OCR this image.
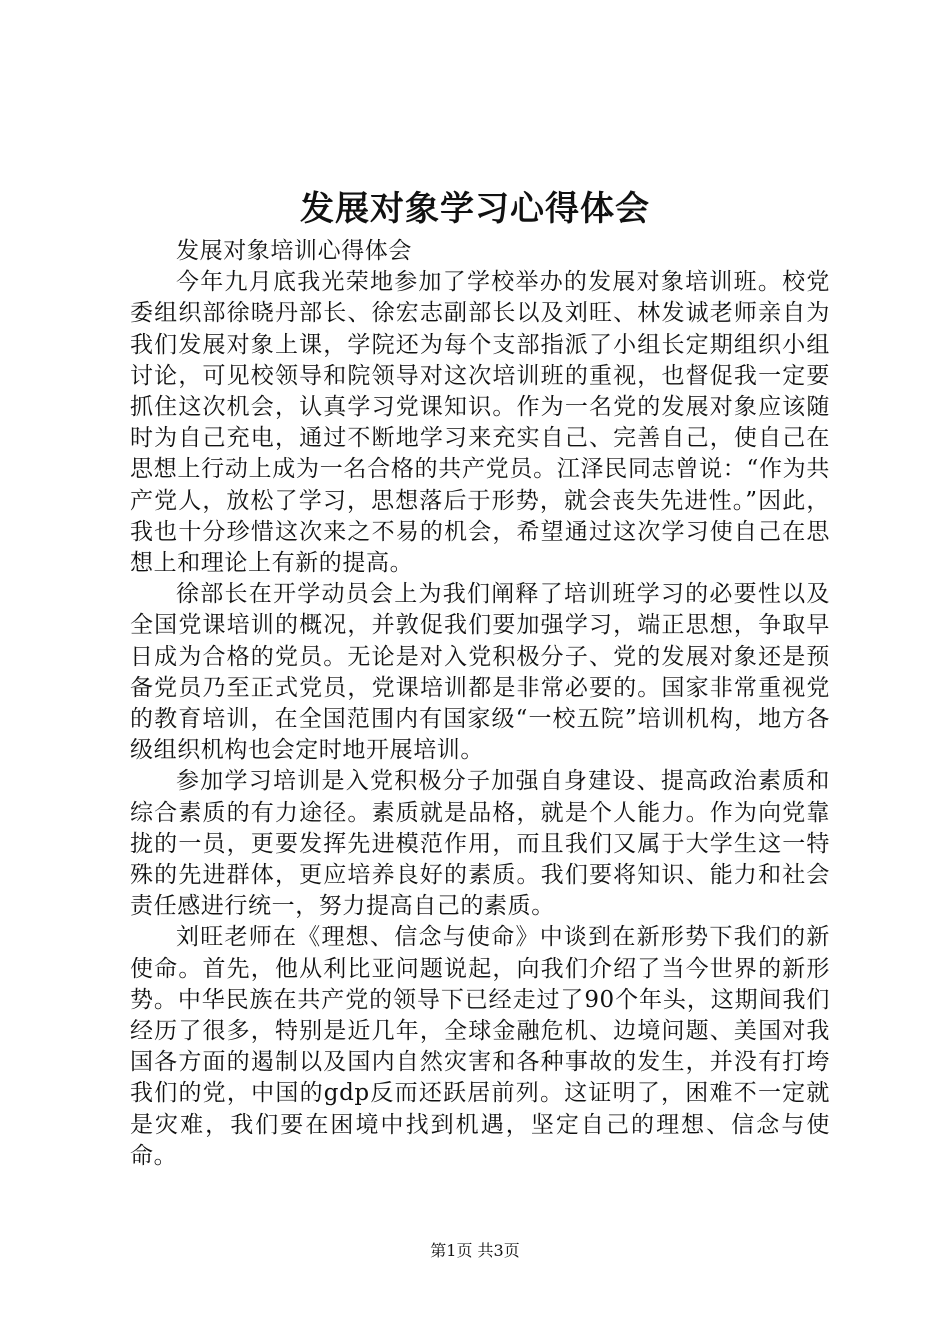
发展对象学习心得体会

发展对象培训心得体会

今年九月底我光荣地参加了学校举办的发展对象培训班。校党委组织部徐晓丹部长、徐宏志副部长以及刘旺、林发诚老师亲自为我们发展对象上课，学院还为每个支部指派了小组长定期组织小组讨论，可见校领导和院领导对这次培训班的重视，也督促我一定要抓住这次机会，认真学习党课知识。作为一名党的发展对象应该随时为自己充电，通过不断地学习来充实自己、完善自己，使自己在思想上行动上成为一名合格的共产党员。江泽民同志曾说：“作为共产党人，放松了学习，思想落后于形势，就会丧失先进性。”因此，我也十分珍惜这次来之不易的机会，希望通过这次学习使自己在思想上和理论上有新的提高。

徐部长在开学动员会上为我们阐释了培训班学习的必要性以及全国党课培训的概况，并敦促我们要加强学习，端正思想，争取早日成为合格的党员。无论是对入党积极分子、党的发展对象还是预备党员乃至正式党员，党课培训都是非常必要的。国家非常重视党的教育培训，在全国范围内有国家级“一校五院”培训机构，地方各级组织机构也会定时地开展培训。

参加学习培训是入党积极分子加强自身建设、提高政治素质和综合素质的有力途径。素质就是品格，就是个人能力。作为向党靠拢的一员，更要发挥先进模范作用，而且我们又属于大学生这一特殊的先进群体，更应培养良好的素质。我们要将知识、能力和社会责任感进行统一，努力提高自己的素质。

刘旺老师在《理想、信念与使命》中谈到在新形势下我们的新使命。首先，他从利比亚问题说起，向我们介绍了当今世界的新形势。中华民族在共产党的领导下已经走过了90个年头，这期间我们经历了很多，特别是近几年，全球金融危机、边境问题、美国对我国各方面的遏制以及国内自然灾害和各种事故的发生，并没有打垮我们的党，中国的gdp反而还跃居前列。这证明了，困难不一定就是灾难，我们要在困境中找到机遇，坚定自己的理想、信念与使命。

第1页 共3页
